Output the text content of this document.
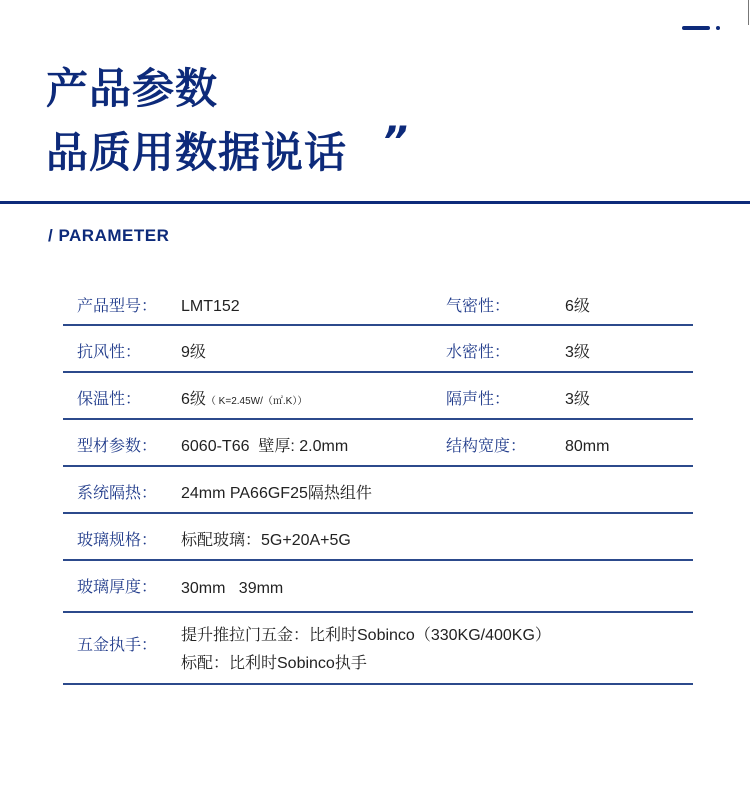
产品参数
品质用数据说话 ”
/ PARAMETER
产品型号： LMT152	气密性：	6级
抗风性： 9级	水密性：	3级
保温性： 6级（ K=2.45W/（㎡.K））	隔声性：	3级
型材参数： 6060-T66  壁厚: 2.0mm	结构宽度： 80mm
系统隔热： 24mm PA66GF25隔热组件
玻璃规格： 标配玻璃：5G+20A+5G
玻璃厚度： 30mm   39mm
五金执手： 提升推拉门五金：比利时Sobinco（330KG/400KG）
标配：比利时Sobinco执手
